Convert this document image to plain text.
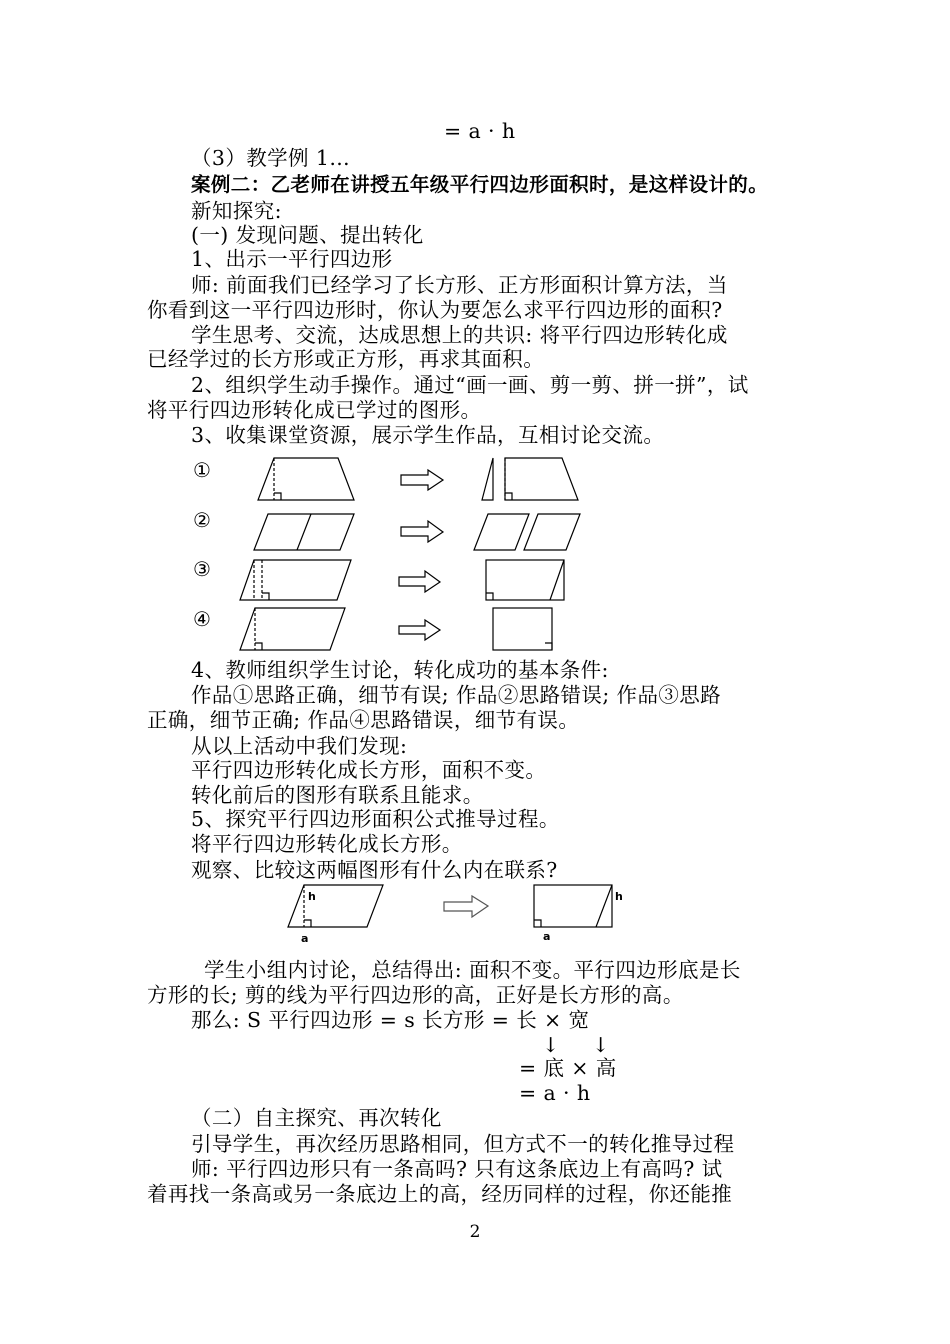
= a · h
（3）教学例 1…
案例二：乙老师在讲授五年级平行四边形面积时，是这样设计的。
新知探究:
(一) 发现问题、提出转化
1、出示一平行四边形
师: 前面我们已经学习了长方形、正方形面积计算方法，当
你看到这一平行四边形时，你认为要怎么求平行四边形的面积?
学生思考、交流，达成思想上的共识: 将平行四边形转化成
已经学过的长方形或正方形，再求其面积。
2、组织学生动手操作。通过“画一画、剪一剪、拼一拼”，试
将平行四边形转化成已学过的图形。
3、收集课堂资源，展示学生作品，互相讨论交流。
①
②
③
④
4、教师组织学生讨论，转化成功的基本条件:
作品①思路正确，细节有误; 作品②思路错误; 作品③思路
正确，细节正确; 作品④思路错误，细节有误。
从以上活动中我们发现:
平行四边形转化成长方形，面积不变。
转化前后的图形有联系且能求。
5、探究平行四边形面积公式推导过程。
将平行四边形转化成长方形。
观察、比较这两幅图形有什么内在联系?
h
a
h
a
学生小组内讨论，总结得出: 面积不变。平行四边形底是长
方形的长; 剪的线为平行四边形的高，正好是长方形的高。
那么: S 平行四边形 = s 长方形 = 长 × 宽
↓ ↓
= 底 × 高
= a · h
（二）自主探究、再次转化
引导学生，再次经历思路相同，但方式不一的转化推导过程
师: 平行四边形只有一条高吗? 只有这条底边上有高吗? 试
着再找一条高或另一条底边上的高，经历同样的过程，你还能推
2
